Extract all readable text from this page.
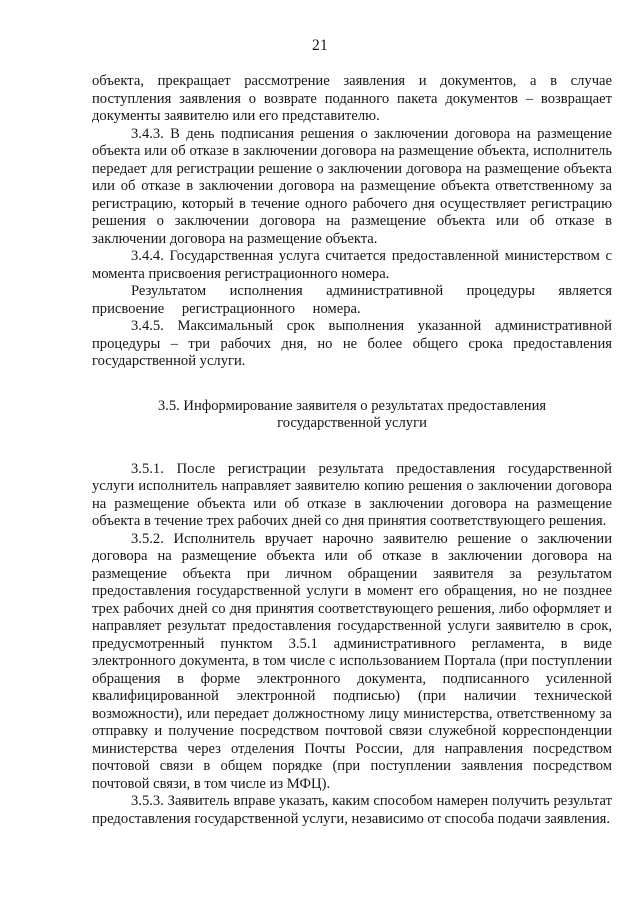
21

объекта, прекращает рассмотрение заявления и документов, а в случае поступления заявления о возврате поданного пакета документов – возвращает документы заявителю или его представителю.

3.4.3. В день подписания решения о заключении договора на размещение объекта или об отказе в заключении договора на размещение объекта, исполнитель передает для регистрации решение о заключении договора на размещение объекта или об отказе в заключении договора на размещение объекта ответственному за регистрацию, который в течение одного рабочего дня осуществляет регистрацию решения о заключении договора на размещение объекта или об отказе в заключении договора на размещение объекта.

3.4.4. Государственная услуга считается предоставленной министерством с момента присвоения регистрационного номера.

Результатом исполнения административной процедуры является присвоение регистрационного номера.

3.4.5. Максимальный срок выполнения указанной административной процедуры – три рабочих дня, но не более общего срока предоставления государственной услуги.

3.5. Информирование заявителя о результатах предоставления
государственной услуги

3.5.1. После регистрации результата предоставления государственной услуги исполнитель направляет заявителю копию решения о заключении договора на размещение объекта или об отказе в заключении договора на размещение объекта в течение трех рабочих дней со дня принятия соответствующего решения.

3.5.2. Исполнитель вручает нарочно заявителю решение о заключении договора на размещение объекта или об отказе в заключении договора на размещение объекта при личном обращении заявителя за результатом предоставления государственной услуги в момент его обращения, но не позднее трех рабочих дней со дня принятия соответствующего решения, либо оформляет и направляет результат предоставления государственной услуги заявителю в срок, предусмотренный пунктом 3.5.1 административного регламента, в виде электронного документа, в том числе с использованием Портала (при поступлении обращения в форме электронного документа, подписанного усиленной квалифицированной электронной подписью) (при наличии технической возможности), или передает должностному лицу министерства, ответственному за отправку и получение посредством почтовой связи служебной корреспонденции министерства через отделения Почты России, для направления посредством почтовой связи в общем порядке (при поступлении заявления посредством почтовой связи, в том числе из МФЦ).

3.5.3. Заявитель вправе указать, каким способом намерен получить результат предоставления государственной услуги, независимо от способа подачи заявления.
